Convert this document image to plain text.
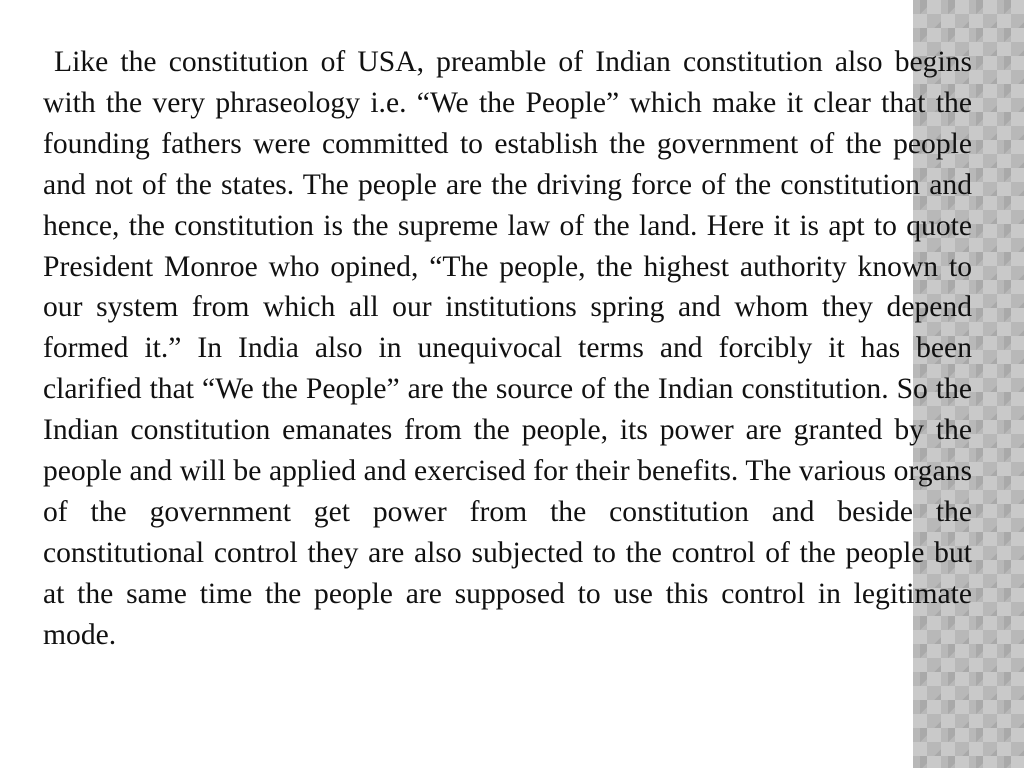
Like the constitution of USA, preamble of Indian constitution also begins with the very phraseology i.e. “We the People” which make it clear that the founding fathers were committed to establish the government of the people and not of the states. The people are the driving force of the constitution and hence, the constitution is the supreme law of the land. Here it is apt to quote President Monroe who opined, “The people, the highest authority known to our system from which all our institutions spring and whom they depend formed it.” In India also in unequivocal terms and forcibly it has been clarified that “We the People” are the source of the Indian constitution. So the Indian constitution emanates from the people, its power are granted by the people and will be applied and exercised for their benefits. The various organs of the government get power from the constitution and beside the constitutional control they are also subjected to the control of the people but at the same time the people are supposed to use this control in legitimate mode.
